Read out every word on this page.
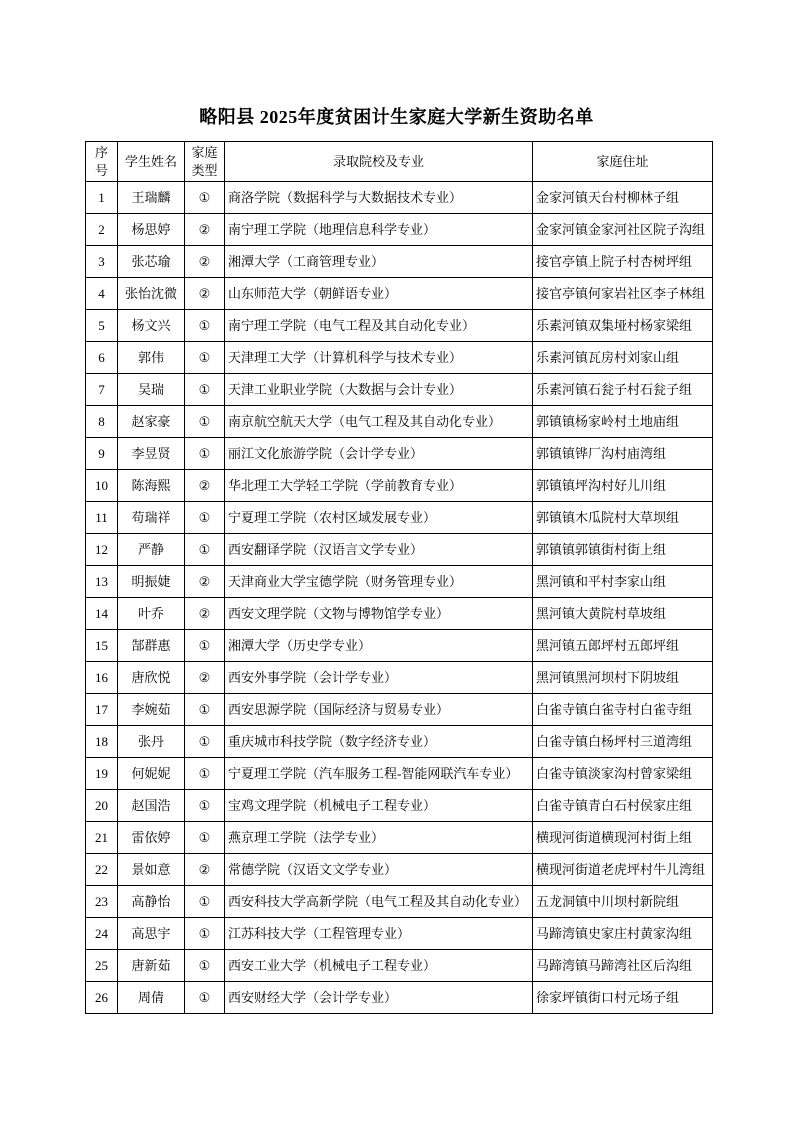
略阳县 2025年度贫困计生家庭大学新生资助名单
序号	学生姓名	家庭类型	录取院校及专业	家庭住址
1	王瑞麟	①	商洛学院（数据科学与大数据技术专业）	金家河镇天台村柳林子组
2	杨思婷	②	南宁理工学院（地理信息科学专业）	金家河镇金家河社区院子沟组
3	张芯瑜	②	湘潭大学（工商管理专业）	接官亭镇上院子村杏树坪组
4	张怡沈微	②	山东师范大学（朝鲜语专业）	接官亭镇何家岩社区李子林组
5	杨文兴	①	南宁理工学院（电气工程及其自动化专业）	乐素河镇双集垭村杨家梁组
6	郭伟	①	天津理工大学（计算机科学与技术专业）	乐素河镇瓦房村刘家山组
7	吴瑞	①	天津工业职业学院（大数据与会计专业）	乐素河镇石瓮子村石瓮子组
8	赵家豪	①	南京航空航天大学（电气工程及其自动化专业）	郭镇镇杨家岭村土地庙组
9	李昱贤	①	丽江文化旅游学院（会计学专业）	郭镇镇铧厂沟村庙湾组
10	陈海熙	②	华北理工大学轻工学院（学前教育专业）	郭镇镇坪沟村好儿川组
11	苟瑞祥	①	宁夏理工学院（农村区域发展专业）	郭镇镇木瓜院村大草坝组
12	严静	①	西安翻译学院（汉语言文学专业）	郭镇镇郭镇街村街上组
13	明振婕	②	天津商业大学宝德学院（财务管理专业）	黑河镇和平村李家山组
14	叶乔	②	西安文理学院（文物与博物馆学专业）	黑河镇大黄院村草坡组
15	郜群惠	①	湘潭大学（历史学专业）	黑河镇五郎坪村五郎坪组
16	唐欣悦	②	西安外事学院（会计学专业）	黑河镇黑河坝村下阴坡组
17	李婉茹	①	西安思源学院（国际经济与贸易专业）	白雀寺镇白雀寺村白雀寺组
18	张丹	①	重庆城市科技学院（数字经济专业）	白雀寺镇白杨坪村三道湾组
19	何妮妮	①	宁夏理工学院（汽车服务工程-智能网联汽车专业）	白雀寺镇淡家沟村曾家梁组
20	赵国浩	①	宝鸡文理学院（机械电子工程专业）	白雀寺镇青白石村侯家庄组
21	雷依婷	①	燕京理工学院（法学专业）	横现河街道横现河村街上组
22	景如意	②	常德学院（汉语文文学专业）	横现河街道老虎坪村牛儿湾组
23	高静怡	①	西安科技大学高新学院（电气工程及其自动化专业）	五龙洞镇中川坝村新院组
24	高思宇	①	江苏科技大学（工程管理专业）	马蹄湾镇史家庄村黄家沟组
25	唐新茹	①	西安工业大学（机械电子工程专业）	马蹄湾镇马蹄湾社区后沟组
26	周倩	①	西安财经大学（会计学专业）	徐家坪镇街口村元场子组
